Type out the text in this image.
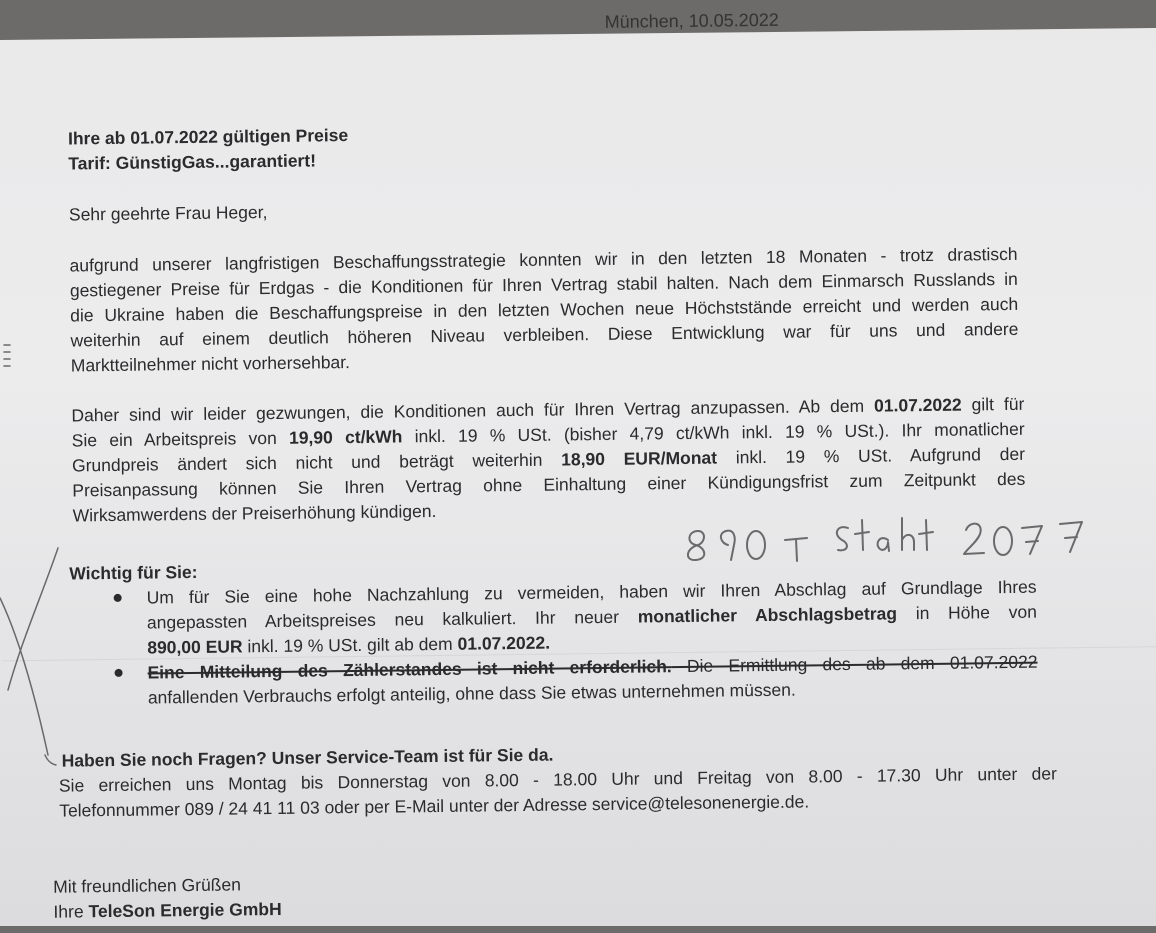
München, 10.05.2022
Ihre ab 01.07.2022 gültigen Preise
Tarif: GünstigGas...garantiert!
Sehr geehrte Frau Heger,
aufgrund unserer langfristigen Beschaffungsstrategie konnten wir in den letzten 18 Monaten - trotz drastisch
gestiegener Preise für Erdgas - die Konditionen für Ihren Vertrag stabil halten. Nach dem Einmarsch Russlands in
die Ukraine haben die Beschaffungspreise in den letzten Wochen neue Höchststände erreicht und werden auch
weiterhin auf einem deutlich höheren Niveau verbleiben. Diese Entwicklung war für uns und andere
Marktteilnehmer nicht vorhersehbar.
Daher sind wir leider gezwungen, die Konditionen auch für Ihren Vertrag anzupassen. Ab dem 01.07.2022 gilt für
Sie ein Arbeitspreis von 19,90 ct/kWh inkl. 19 % USt. (bisher 4,79 ct/kWh inkl. 19 % USt.). Ihr monatlicher
Grundpreis ändert sich nicht und beträgt weiterhin 18,90 EUR/Monat inkl. 19 % USt. Aufgrund der
Preisanpassung können Sie Ihren Vertrag ohne Einhaltung einer Kündigungsfrist zum Zeitpunkt des
Wirksamwerdens der Preiserhöhung kündigen.
Wichtig für Sie:
Um für Sie eine hohe Nachzahlung zu vermeiden, haben wir Ihren Abschlag auf Grundlage Ihres
angepassten Arbeitspreises neu kalkuliert. Ihr neuer monatlicher Abschlagsbetrag in Höhe von
890,00 EUR inkl. 19 % USt. gilt ab dem 01.07.2022.
Eine Mitteilung des Zählerstandes ist nicht erforderlich. Die Ermittlung des ab dem 01.07.2022
anfallenden Verbrauchs erfolgt anteilig, ohne dass Sie etwas unternehmen müssen.
Haben Sie noch Fragen? Unser Service-Team ist für Sie da.
Sie erreichen uns Montag bis Donnerstag von 8.00 - 18.00 Uhr und Freitag von 8.00 - 17.30 Uhr unter der
Telefonnummer 089 / 24 41 11 03 oder per E-Mail unter der Adresse service@telesonenergie.de.
Mit freundlichen Grüßen
Ihre TeleSon Energie GmbH
